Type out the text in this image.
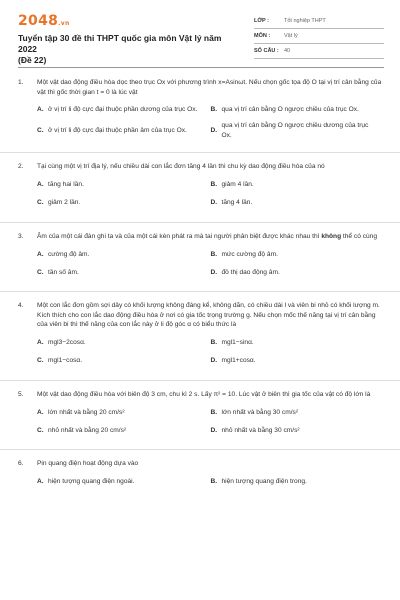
2048.vn
Tuyển tập 30 đề thi THPT quốc gia môn Vật lý năm 2022
(Đề 22)
LỚP :	Tốt nghiệp THPT
MÔN :	Vật lý
SỐ CÂU : 40
1.	Một vật dao động điều hòa dọc theo trục Ox với phương trình x=Asinωt. Nếu chọn gốc tọa độ O tại vị trí cân bằng của vật thì gốc thời gian t = 0 là lúc vật
A. ở vị trí li độ cực đại thuộc phần dương của trục Ox.	B. qua vị trí cân bằng O ngược chiều của trục Ox.
C. ở vị trí li độ cực đại thuộc phần âm của trục Ox.	D.
qua vị trí cân bằng O ngược chiều dương của trục Ox.
2.	Tại cùng một vị trí địa lý, nếu chiều dài con lắc đơn tăng 4 lần thì chu kỳ dao động điều hòa của nó
A. tăng hai lần.	B. giảm 4 lần.
C. giảm 2 lần.	D. tăng 4 lần.
3.	Âm của một cái đàn ghi ta và của một cái kèn phát ra mà tai người phân biệt được khác nhau thì không thể có cùng
A. cường độ âm.	B. mức cường độ âm.
C. tần số âm.	D. đồ thị dao động âm.
4.	Một con lắc đơn gồm sợi dây có khối lượng không đáng kể, không dãn, có chiều dài l và viên bi nhỏ có khối lượng m. Kích thích cho con lắc dao động điều hòa ở nơi có gia tốc trọng trường g. Nếu chọn mốc thế năng tại vị trí cân bằng của viên bi thì thế năng của con lắc này ở li độ góc α có biểu thức là
A. mgl3−2cosα.	B. mgl1−sinα.
C. mgl1−cosα.	D. mgl1+cosα.
5.	Một vật dao động điều hòa với biên độ 3 cm, chu kì 2 s. Lấy π² = 10. Lúc vật ở biên thì gia tốc của vật có độ lớn là
A. lớn nhất và bằng 20 cm/s²	B. lớn nhất và bằng 30 cm/s²
C. nhỏ nhất và bằng 20 cm/s²	D. nhỏ nhất và bằng 30 cm/s²
6.	Pin quang điện hoạt động dựa vào
A. hiện tượng quang điện ngoài.	B. hiện tượng quang điện trong.
